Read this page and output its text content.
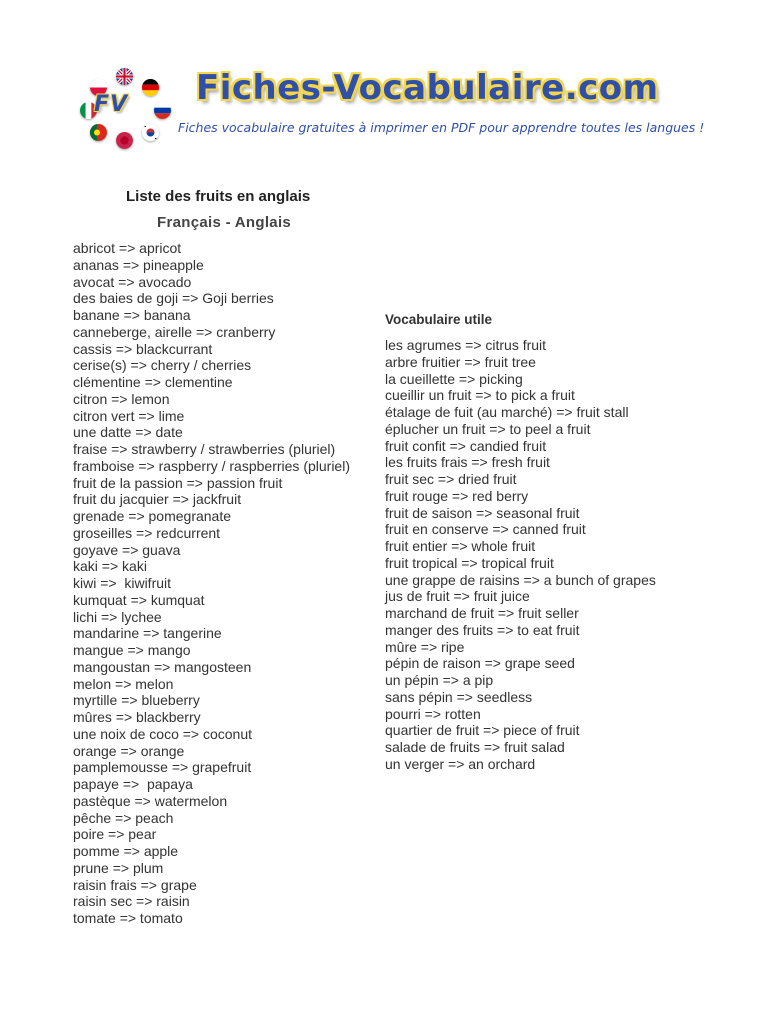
FV	Fiches-Vocabulaire.com
Fiches vocabulaire gratuites à imprimer en PDF pour apprendre toutes les langues !
Liste des fruits en anglais
Français - Anglais
abricot => apricot
ananas => pineapple
avocat => avocado
des baies de goji => Goji berries
banane => banana
canneberge, airelle => cranberry
cassis => blackcurrant
cerise(s) => cherry / cherries
clémentine => clementine
citron => lemon
citron vert => lime
une datte => date
fraise => strawberry / strawberries (pluriel)
framboise => raspberry / raspberries (pluriel)
fruit de la passion => passion fruit
fruit du jacquier => jackfruit
grenade => pomegranate
groseilles => redcurrent
goyave => guava
kaki => kaki
kiwi =>  kiwifruit
kumquat => kumquat
lichi => lychee
mandarine => tangerine
mangue => mango
mangoustan => mangosteen
melon => melon
myrtille => blueberry
mûres => blackberry
une noix de coco => coconut
orange => orange
pamplemousse => grapefruit
papaye =>  papaya
pastèque => watermelon
pêche => peach
poire => pear
pomme => apple
prune => plum
raisin frais => grape
raisin sec => raisin
tomate => tomato
Vocabulaire utile
les agrumes => citrus fruit
arbre fruitier => fruit tree
la cueillette => picking
cueillir un fruit => to pick a fruit
étalage de fuit (au marché) => fruit stall
éplucher un fruit => to peel a fruit
fruit confit => candied fruit
les fruits frais => fresh fruit
fruit sec => dried fruit
fruit rouge => red berry
fruit de saison => seasonal fruit
fruit en conserve => canned fruit
fruit entier => whole fruit
fruit tropical => tropical fruit
une grappe de raisins => a bunch of grapes
jus de fruit => fruit juice
marchand de fruit => fruit seller
manger des fruits => to eat fruit
mûre => ripe
pépin de raison => grape seed
un pépin => a pip
sans pépin => seedless
pourri => rotten
quartier de fruit => piece of fruit
salade de fruits => fruit salad
un verger => an orchard
